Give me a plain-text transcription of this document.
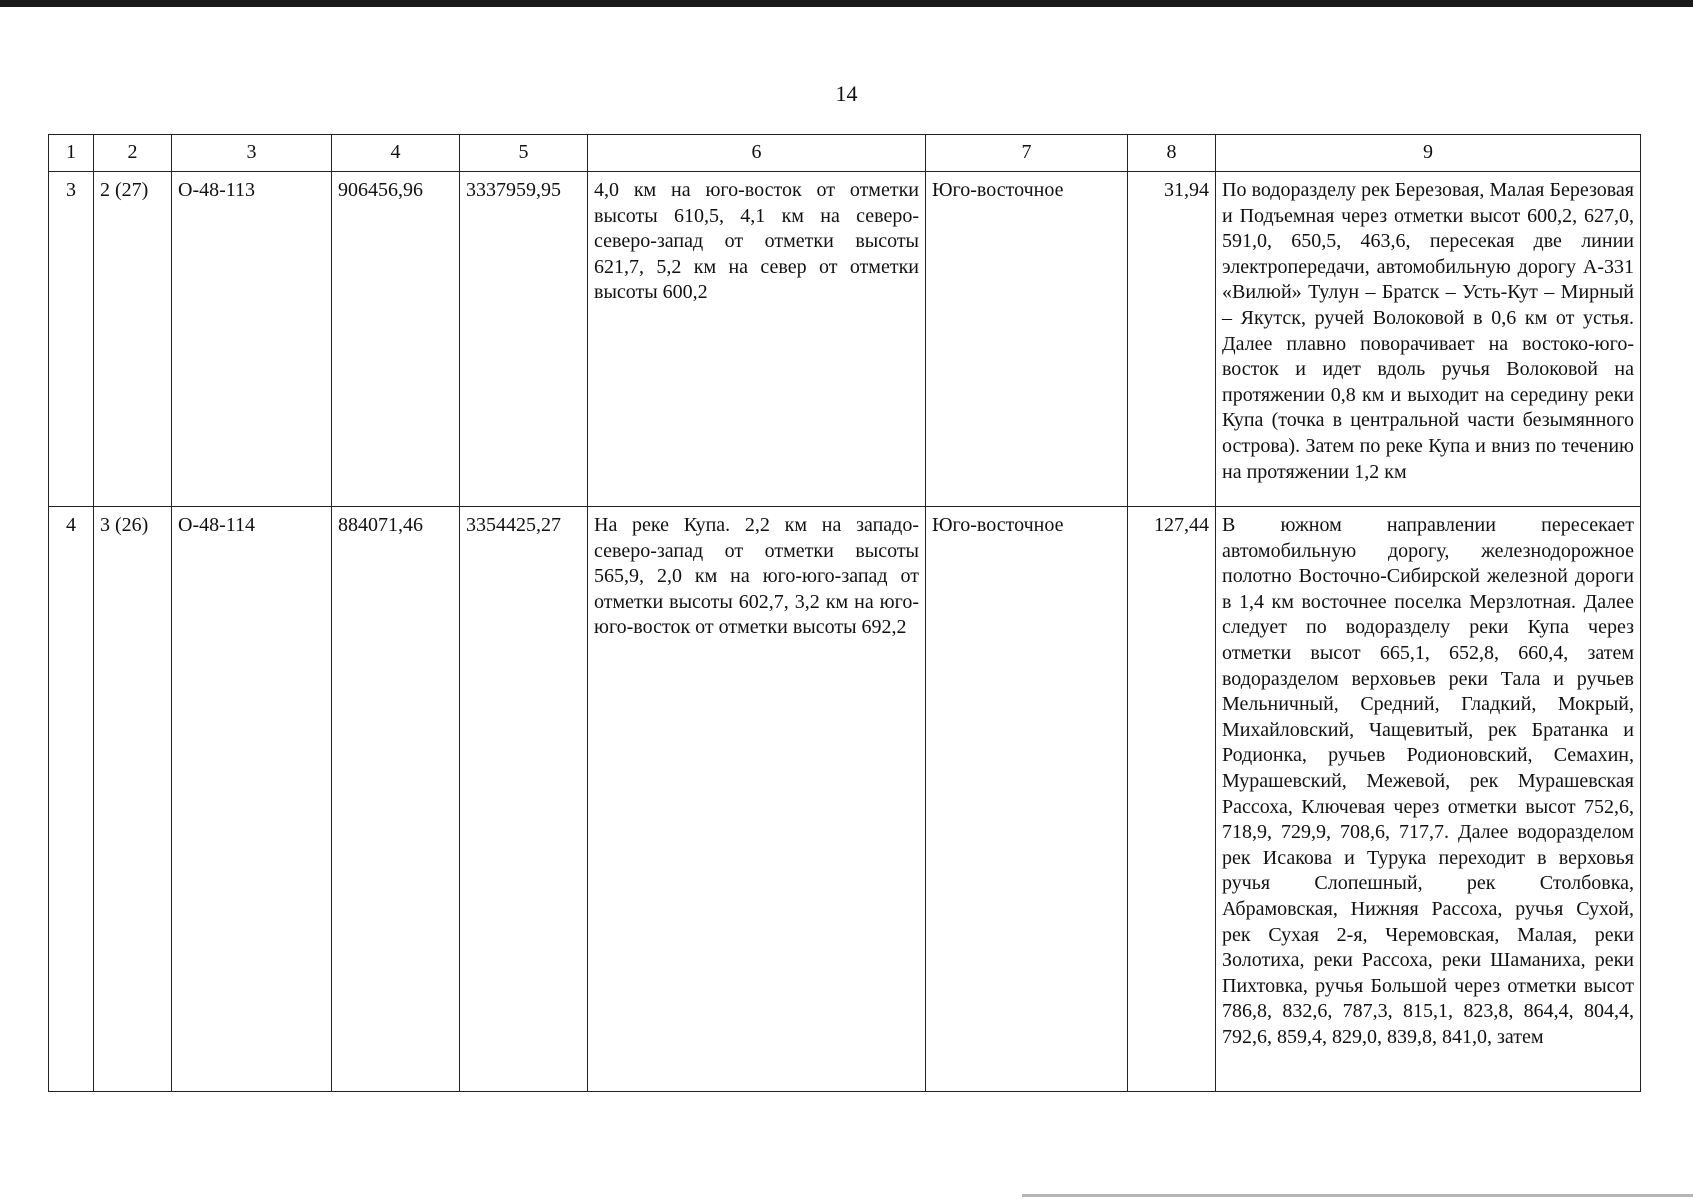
14
1	2	3	4	5	6	7	8	9
3	2 (27)	О-48-113	906456,96	3337959,95	4,0 км на юго-восток от отметки высоты 610,5, 4,1 км на северо-северо-запад от отметки высоты 621,7, 5,2 км на север от отметки высоты 600,2	Юго-восточное	31,94	По водоразделу рек Березовая, Малая Березовая и Подъемная через отметки высот 600,2, 627,0, 591,0, 650,5, 463,6, пересекая две линии электропередачи, автомобильную дорогу А-331 «Вилюй» Тулун – Братск – Усть-Кут – Мирный – Якутск, ручей Волоковой в 0,6 км от устья. Далее плавно поворачивает на востоко-юго-восток и идет вдоль ручья Волоковой на протяжении 0,8 км и выходит на середину реки Купа (точка в центральной части безымянного острова). Затем по реке Купа и вниз по течению на протяжении 1,2 км
4	3 (26)	О-48-114	884071,46	3354425,27	На реке Купа. 2,2 км на западо-северо-запад от отметки высоты 565,9, 2,0 км на юго-юго-запад от отметки высоты 602,7, 3,2 км на юго-юго-восток от отметки высоты 692,2	Юго-восточное	127,44	В южном направлении пересекает автомобильную дорогу, железнодорожное полотно Восточно-Сибирской железной дороги в 1,4 км восточнее поселка Мерзлотная. Далее следует по водоразделу реки Купа через отметки высот 665,1, 652,8, 660,4, затем водоразделом верховьев реки Тала и ручьев Мельничный, Средний, Гладкий, Мокрый, Михайловский, Чащевитый, рек Братанка и Родионка, ручьев Родионовский, Семахин, Мурашевский, Межевой, рек Мурашевская Рассоха, Ключевая через отметки высот 752,6, 718,9, 729,9, 708,6, 717,7. Далее водоразделом рек Исакова и Турука переходит в верховья ручья Слопешный, рек Столбовка, Абрамовская, Нижняя Рассоха, ручья Сухой, рек Сухая 2-я, Черемовская, Малая, реки Золотиха, реки Рассоха, реки Шаманиха, реки Пихтовка, ручья Большой через отметки высот 786,8, 832,6, 787,3, 815,1, 823,8, 864,4, 804,4, 792,6, 859,4, 829,0, 839,8, 841,0, затем
